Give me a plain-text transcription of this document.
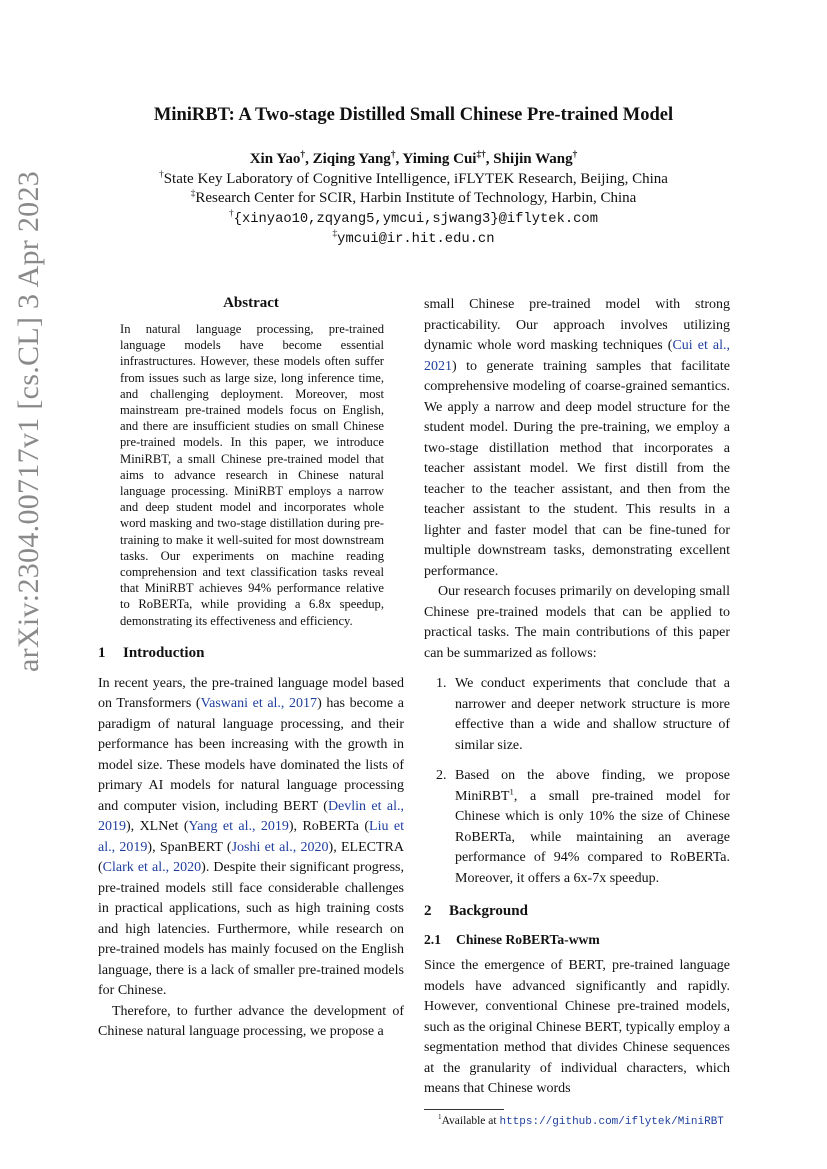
arXiv:2304.00717v1 [cs.CL] 3 Apr 2023
MiniRBT: A Two-stage Distilled Small Chinese Pre-trained Model
Xin Yao†, Ziqing Yang†, Yiming Cui‡†, Shijin Wang†
†State Key Laboratory of Cognitive Intelligence, iFLYTEK Research, Beijing, China
‡Research Center for SCIR, Harbin Institute of Technology, Harbin, China
†{xinyao10,zqyang5,ymcui,sjwang3}@iflytek.com
‡ymcui@ir.hit.edu.cn
Abstract
In natural language processing, pre-trained language models have become essential infrastructures. However, these models often suffer from issues such as large size, long inference time, and challenging deployment. Moreover, most mainstream pre-trained models focus on English, and there are insufficient studies on small Chinese pre-trained models. In this paper, we introduce MiniRBT, a small Chinese pre-trained model that aims to advance research in Chinese natural language processing. MiniRBT employs a narrow and deep student model and incorporates whole word masking and two-stage distillation during pre-training to make it well-suited for most downstream tasks. Our experiments on machine reading comprehension and text classification tasks reveal that MiniRBT achieves 94% performance relative to RoBERTa, while providing a 6.8x speedup, demonstrating its effectiveness and efficiency.
1 Introduction

In recent years, the pre-trained language model based on Transformers (Vaswani et al., 2017) has become a paradigm of natural language processing, and their performance has been increasing with the growth in model size. These models have dominated the lists of primary AI models for natural language processing and computer vision, including BERT (Devlin et al., 2019), XLNet (Yang et al., 2019), RoBERTa (Liu et al., 2019), SpanBERT (Joshi et al., 2020), ELECTRA (Clark et al., 2020). Despite their significant progress, pre-trained models still face considerable challenges in practical applications, such as high training costs and high latencies. Furthermore, while research on pre-trained models has mainly focused on the English language, there is a lack of smaller pre-trained models for Chinese.

Therefore, to further advance the development of Chinese natural language processing, we propose a

small Chinese pre-trained model with strong practicability. Our approach involves utilizing dynamic whole word masking techniques (Cui et al., 2021) to generate training samples that facilitate comprehensive modeling of coarse-grained semantics. We apply a narrow and deep model structure for the student model. During the pre-training, we employ a two-stage distillation method that incorporates a teacher assistant model. We first distill from the teacher to the teacher assistant, and then from the teacher assistant to the student. This results in a lighter and faster model that can be fine-tuned for multiple downstream tasks, demonstrating excellent performance.

Our research focuses primarily on developing small Chinese pre-trained models that can be applied to practical tasks. The main contributions of this paper can be summarized as follows:

1. We conduct experiments that conclude that a narrower and deeper network structure is more effective than a wide and shallow structure of similar size.
2. Based on the above finding, we propose MiniRBT$^1$, a small pre-trained model for Chinese which is only 10% the size of Chinese RoBERTa, while maintaining an average performance of 94% compared to RoBERTa. Moreover, it offers a 6x-7x speedup.
2 Background
2.1 Chinese RoBERTa-wwm

Since the emergence of BERT, pre-trained language models have advanced significantly and rapidly. However, conventional Chinese pre-trained models, such as the original Chinese BERT, typically employ a segmentation method that divides Chinese sequences at the granularity of individual characters, which means that Chinese words

$^1$Available at https://github.com/iflytek/MiniRBT
